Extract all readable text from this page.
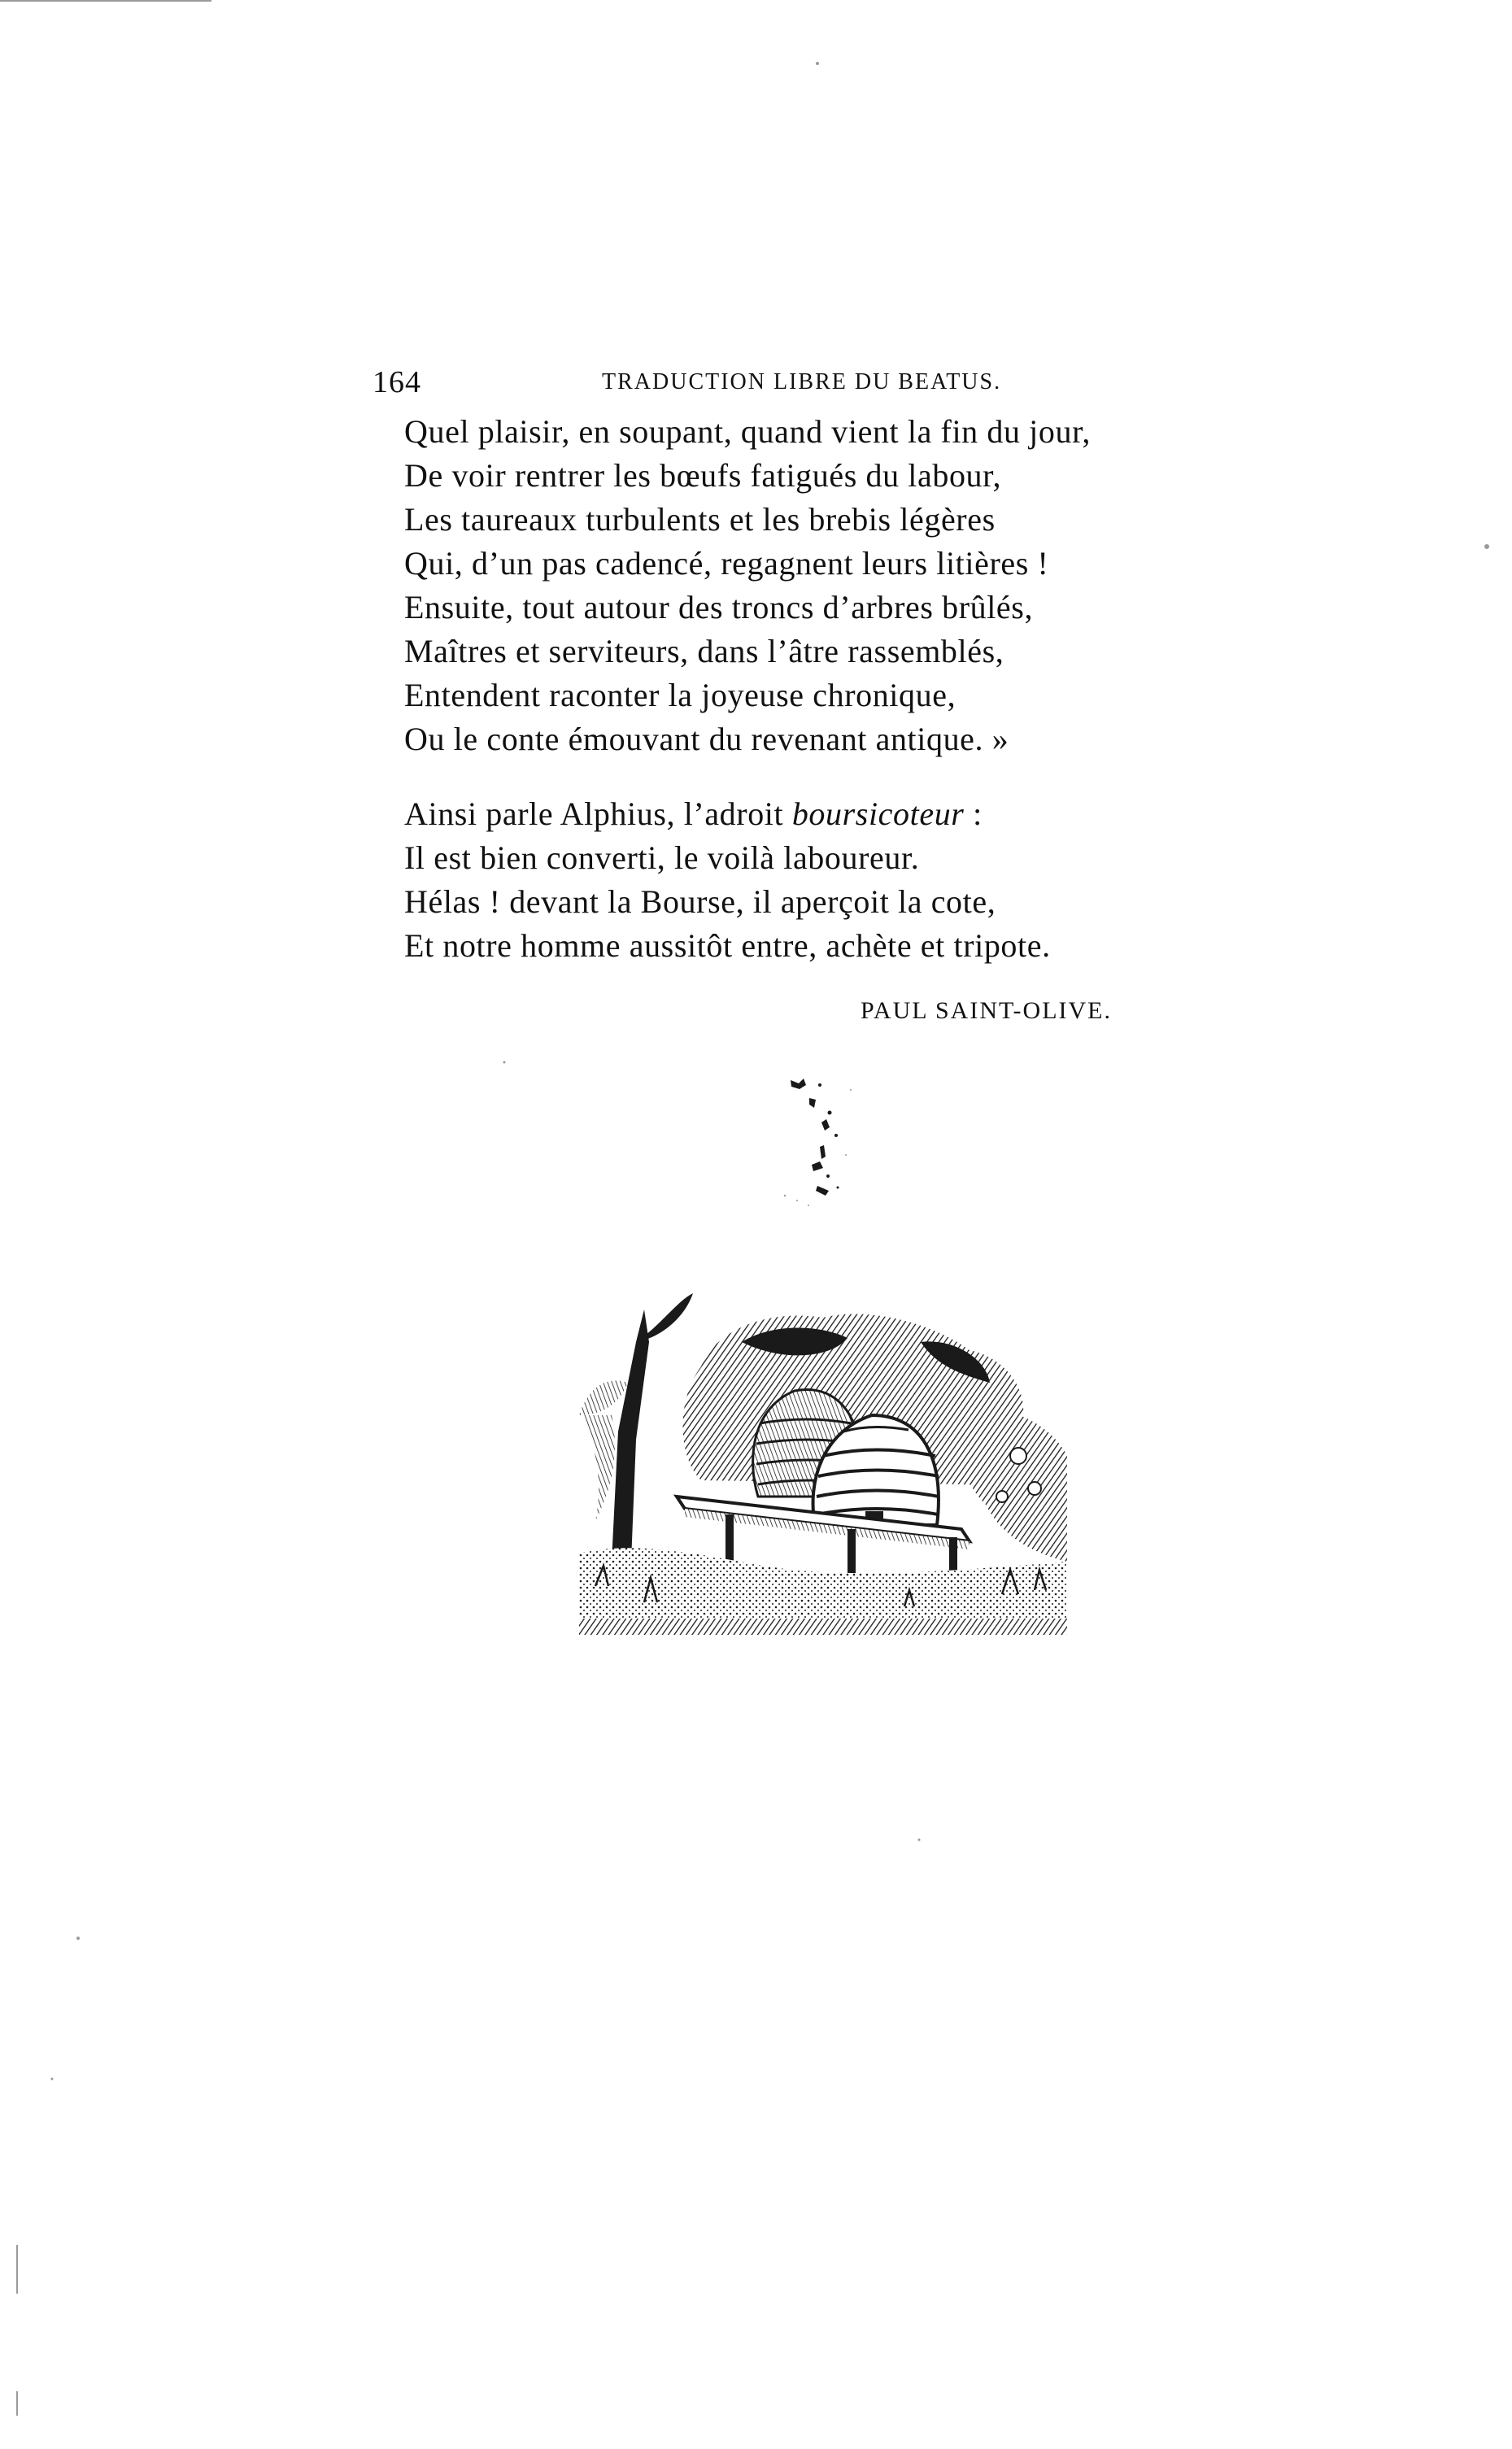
164	TRADUCTION LIBRE DU BEATUS.
Quel plaisir, en soupant, quand vient la fin du jour,
De voir rentrer les bœufs fatigués du labour,
Les taureaux turbulents et les brebis légères
Qui, d’un pas cadencé, regagnent leurs litières !
Ensuite, tout autour des troncs d’arbres brûlés,
Maîtres et serviteurs, dans l’âtre rassemblés,
Entendent raconter la joyeuse chronique,
Ou le conte émouvant du revenant antique. »
Ainsi parle Alphius, l’adroit boursicoteur :
Il est bien converti, le voilà laboureur.
Hélas ! devant la Bourse, il aperçoit la cote,
Et notre homme aussitôt entre, achète et tripote.
PAUL SAINT-OLIVE.
